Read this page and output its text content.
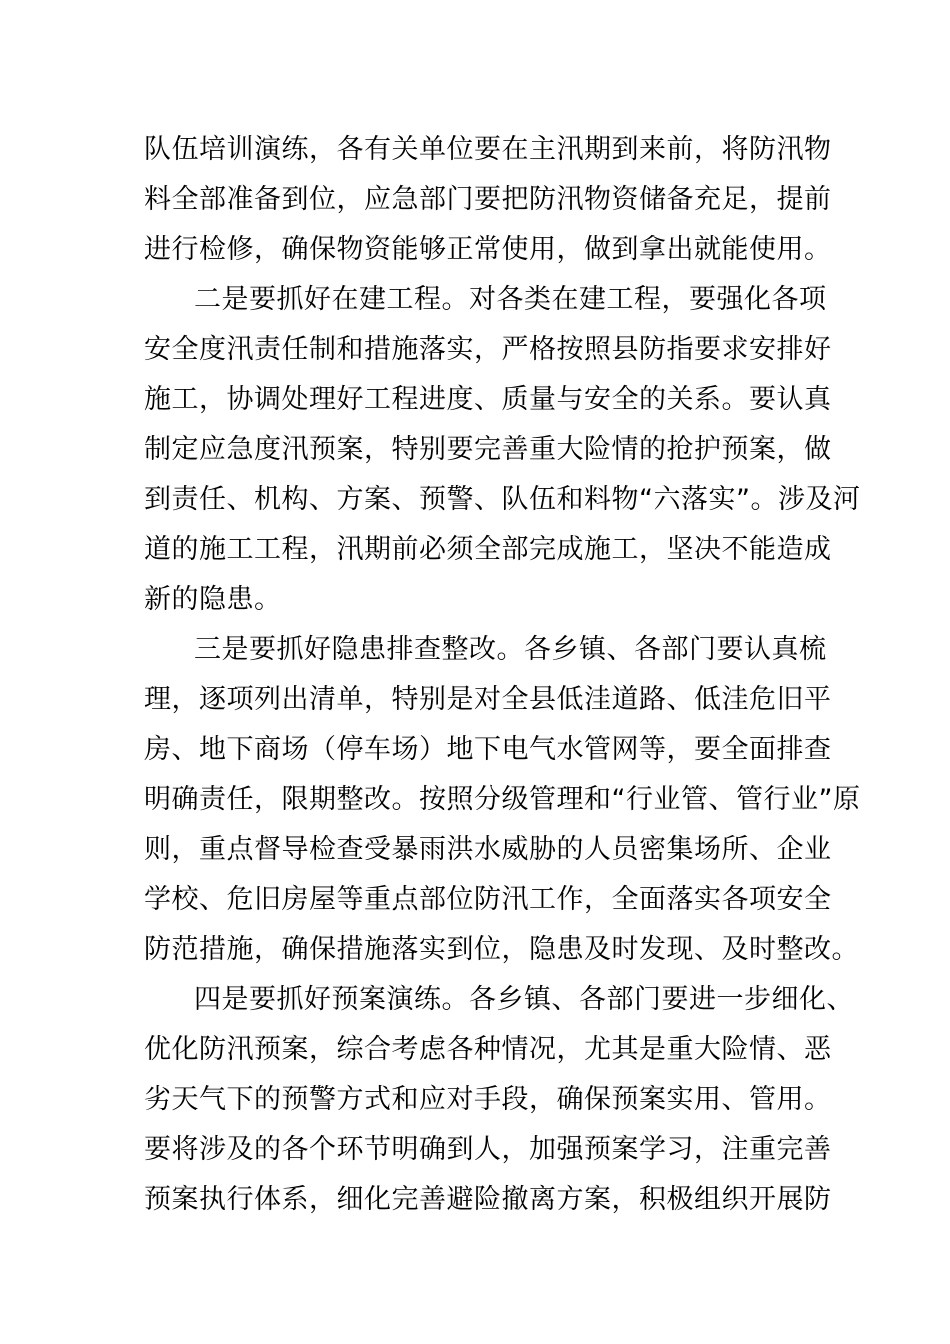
队伍培训演练，各有关单位要在主汛期到来前，将防汛物
料全部准备到位，应急部门要把防汛物资储备充足，提前
进行检修，确保物资能够正常使用，做到拿出就能使用。
二是要抓好在建工程。对各类在建工程，要强化各项
安全度汛责任制和措施落实，严格按照县防指要求安排好
施工，协调处理好工程进度、质量与安全的关系。要认真
制定应急度汛预案，特别要完善重大险情的抢护预案，做
到责任、机构、方案、预警、队伍和料物“六落实”。涉及河
道的施工工程，汛期前必须全部完成施工，坚决不能造成
新的隐患。
三是要抓好隐患排查整改。各乡镇、各部门要认真梳
理，逐项列出清单，特别是对全县低洼道路、低洼危旧平
房、地下商场（停车场）地下电气水管网等，要全面排查
明确责任，限期整改。按照分级管理和“行业管、管行业”原
则，重点督导检查受暴雨洪水威胁的人员密集场所、企业
学校、危旧房屋等重点部位防汛工作，全面落实各项安全
防范措施，确保措施落实到位，隐患及时发现、及时整改。
四是要抓好预案演练。各乡镇、各部门要进一步细化、
优化防汛预案，综合考虑各种情况，尤其是重大险情、恶
劣天气下的预警方式和应对手段，确保预案实用、管用。
要将涉及的各个环节明确到人，加强预案学习，注重完善
预案执行体系，细化完善避险撤离方案，积极组织开展防
